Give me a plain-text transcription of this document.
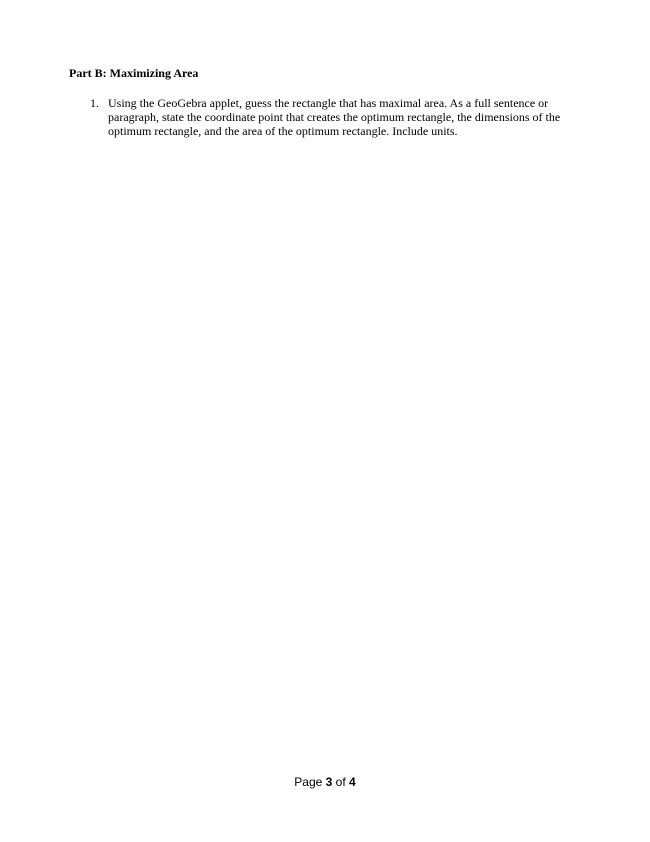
Part B: Maximizing Area
1. Using the GeoGebra applet, guess the rectangle that has maximal area. As a full sentence or paragraph, state the coordinate point that creates the optimum rectangle, the dimensions of the optimum rectangle, and the area of the optimum rectangle. Include units.
Page 3 of 4
